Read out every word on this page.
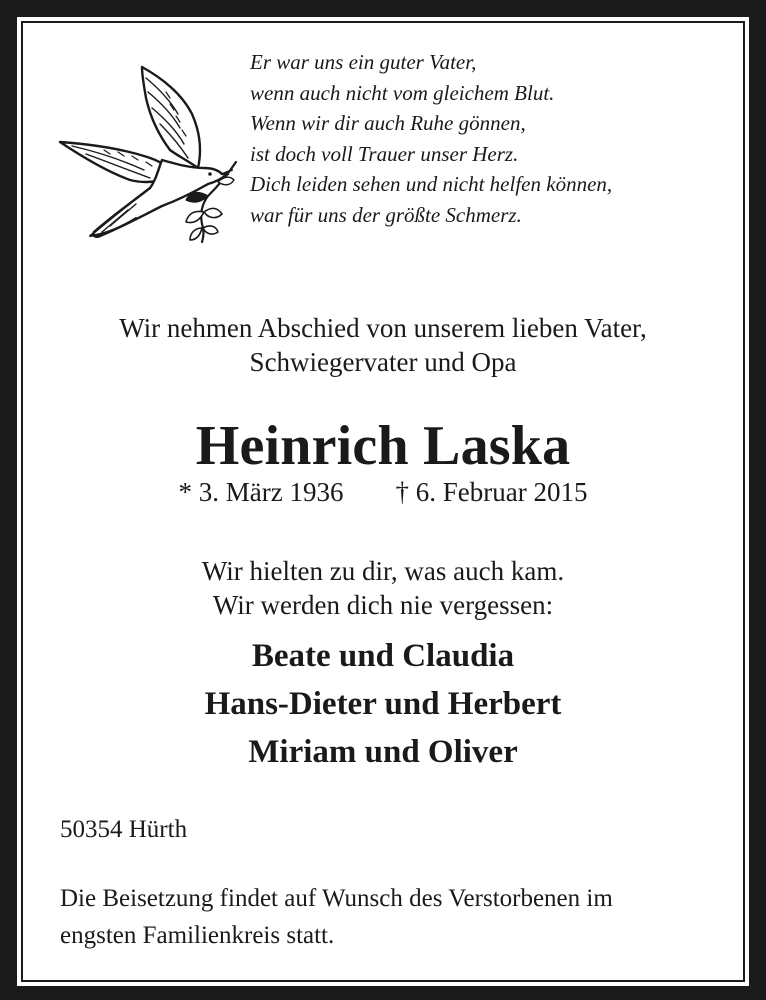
Er war uns ein guter Vater,
wenn auch nicht vom gleichem Blut.
Wenn wir dir auch Ruhe gönnen,
ist doch voll Trauer unser Herz.
Dich leiden sehen und nicht helfen können,
war für uns der größte Schmerz.
Wir nehmen Abschied von unserem lieben Vater,
Schwiegervater und Opa
Heinrich Laska
* 3. März 1936 † 6. Februar 2015
Wir hielten zu dir, was auch kam.
Wir werden dich nie vergessen:
Beate und Claudia
Hans-Dieter und Herbert
Miriam und Oliver
50354 Hürth
Die Beisetzung findet auf Wunsch des Verstorbenen im
engsten Familienkreis statt.
